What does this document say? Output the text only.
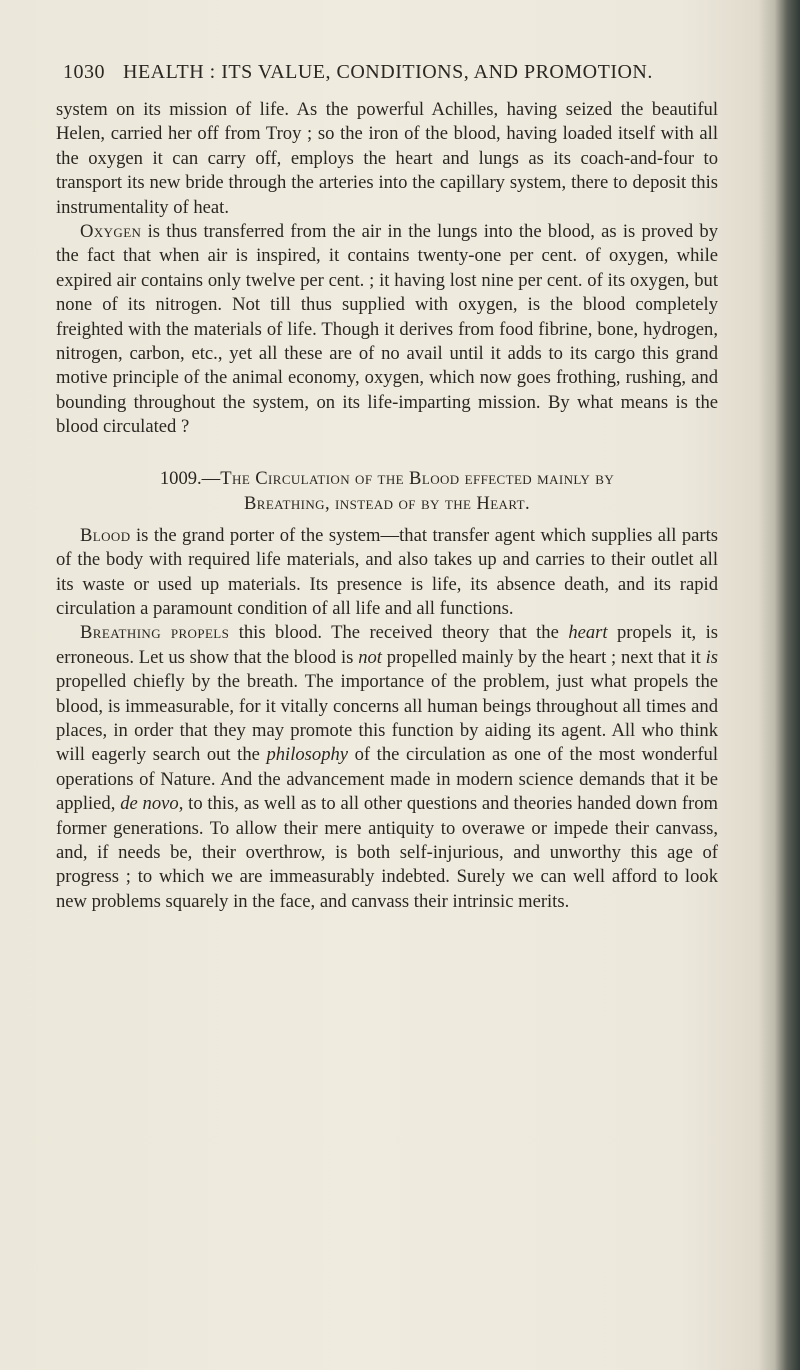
1030 HEALTH : ITS VALUE, CONDITIONS, AND PROMOTION.

system on its mission of life. As the powerful Achilles, having seized the beautiful Helen, carried her off from Troy ; so the iron of the blood, having loaded itself with all the oxygen it can carry off, employs the heart and lungs as its coach-and-four to transport its new bride through the arteries into the capillary system, there to deposit this instrumentality of heat.

Oxygen is thus transferred from the air in the lungs into the blood, as is proved by the fact that when air is inspired, it contains twenty-one per cent. of oxygen, while expired air contains only twelve per cent. ; it having lost nine per cent. of its oxygen, but none of its nitrogen. Not till thus supplied with oxygen, is the blood completely freighted with the materials of life. Though it derives from food fibrine, bone, hydrogen, nitrogen, carbon, etc., yet all these are of no avail until it adds to its cargo this grand motive principle of the animal economy, oxygen, which now goes frothing, rushing, and bounding throughout the system, on its life-imparting mission. By what means is the blood circulated ?

1009.—The Circulation of the Blood effected mainly by
Breathing, instead of by the Heart.

Blood is the grand porter of the system—that transfer agent which supplies all parts of the body with required life materials, and also takes up and carries to their outlet all its waste or used up materials. Its presence is life, its absence death, and its rapid circulation a paramount condition of all life and all functions.

Breathing propels this blood. The received theory that the heart propels it, is erroneous. Let us show that the blood is not propelled mainly by the heart ; next that it is propelled chiefly by the breath. The importance of the problem, just what propels the blood, is immeasurable, for it vitally concerns all human beings throughout all times and places, in order that they may promote this function by aiding its agent. All who think will eagerly search out the philosophy of the circulation as one of the most wonderful operations of Nature. And the advancement made in modern science demands that it be applied, de novo, to this, as well as to all other questions and theories handed down from former generations. To allow their mere antiquity to overawe or impede their canvass, and, if needs be, their overthrow, is both self-injurious, and unworthy this age of progress ; to which we are immeasurably indebted. Surely we can well afford to look new problems squarely in the face, and canvass their intrinsic merits.
